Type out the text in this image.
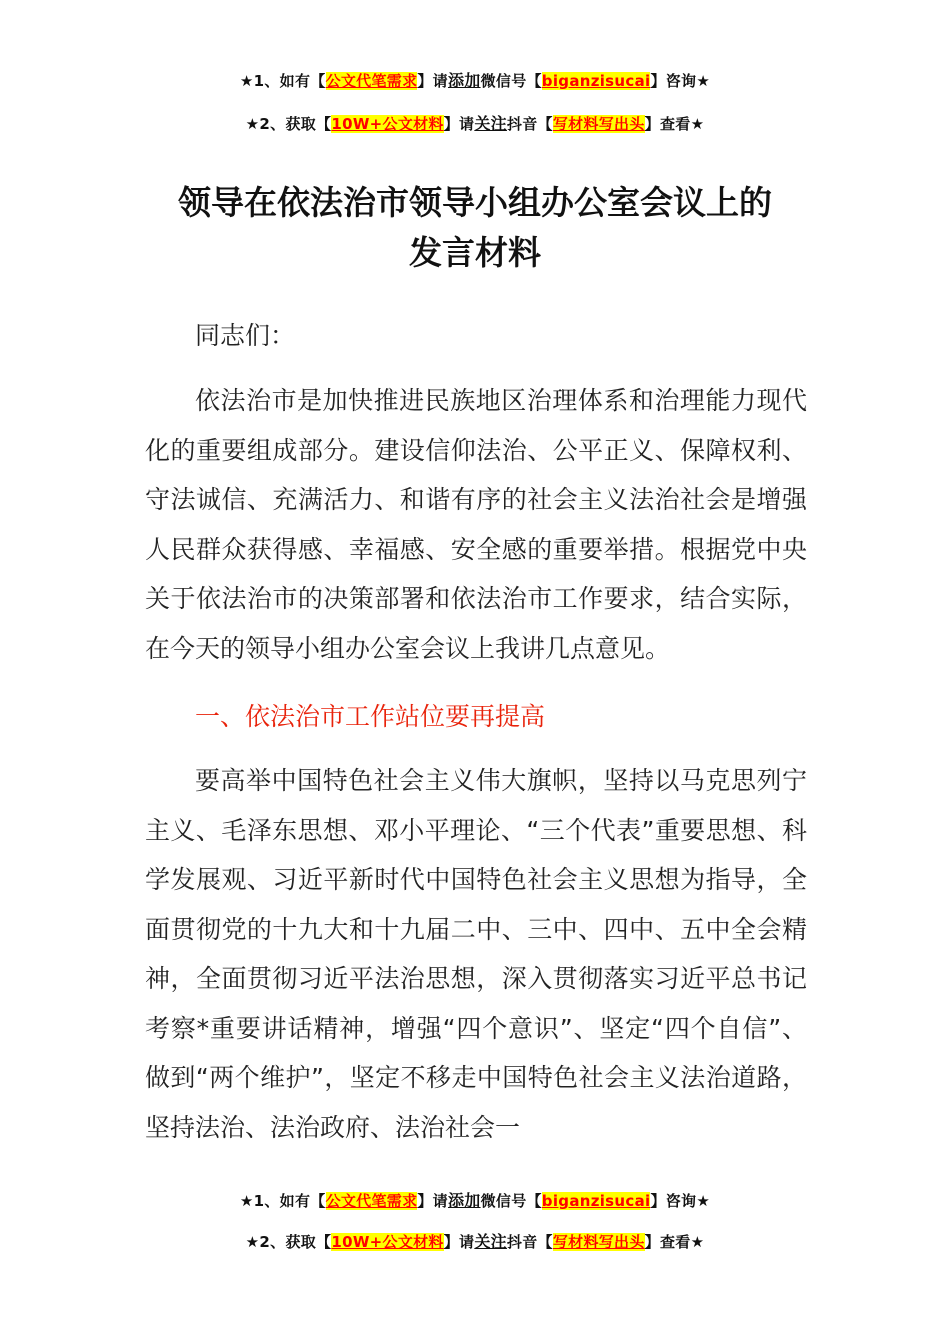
★1、如有【公文代笔需求】请添加微信号【biganzisucai】咨询★
★2、获取【10W+公文材料】请关注抖音【写材料写出头】查看★
领导在依法治市领导小组办公室会议上的
发言材料

同志们：

依法治市是加快推进民族地区治理体系和治理能力现代化的重要组成部分。建设信仰法治、公平正义、保障权利、守法诚信、充满活力、和谐有序的社会主义法治社会是增强人民群众获得感、幸福感、安全感的重要举措。根据党中央关于依法治市的决策部署和依法治市工作要求，结合实际，在今天的领导小组办公室会议上我讲几点意见。

一、依法治市工作站位要再提高

要高举中国特色社会主义伟大旗帜，坚持以马克思列宁主义、毛泽东思想、邓小平理论、“三个代表”重要思想、科学发展观、习近平新时代中国特色社会主义思想为指导，全面贯彻党的十九大和十九届二中、三中、四中、五中全会精神，全面贯彻习近平法治思想，深入贯彻落实习近平总书记考察*重要讲话精神，增强“四个意识”、坚定“四个自信”、做到“两个维护”，坚定不移走中国特色社会主义法治道路，坚持法治、法治政府、法治社会一

★1、如有【公文代笔需求】请添加微信号【biganzisucai】咨询★
★2、获取【10W+公文材料】请关注抖音【写材料写出头】查看★
